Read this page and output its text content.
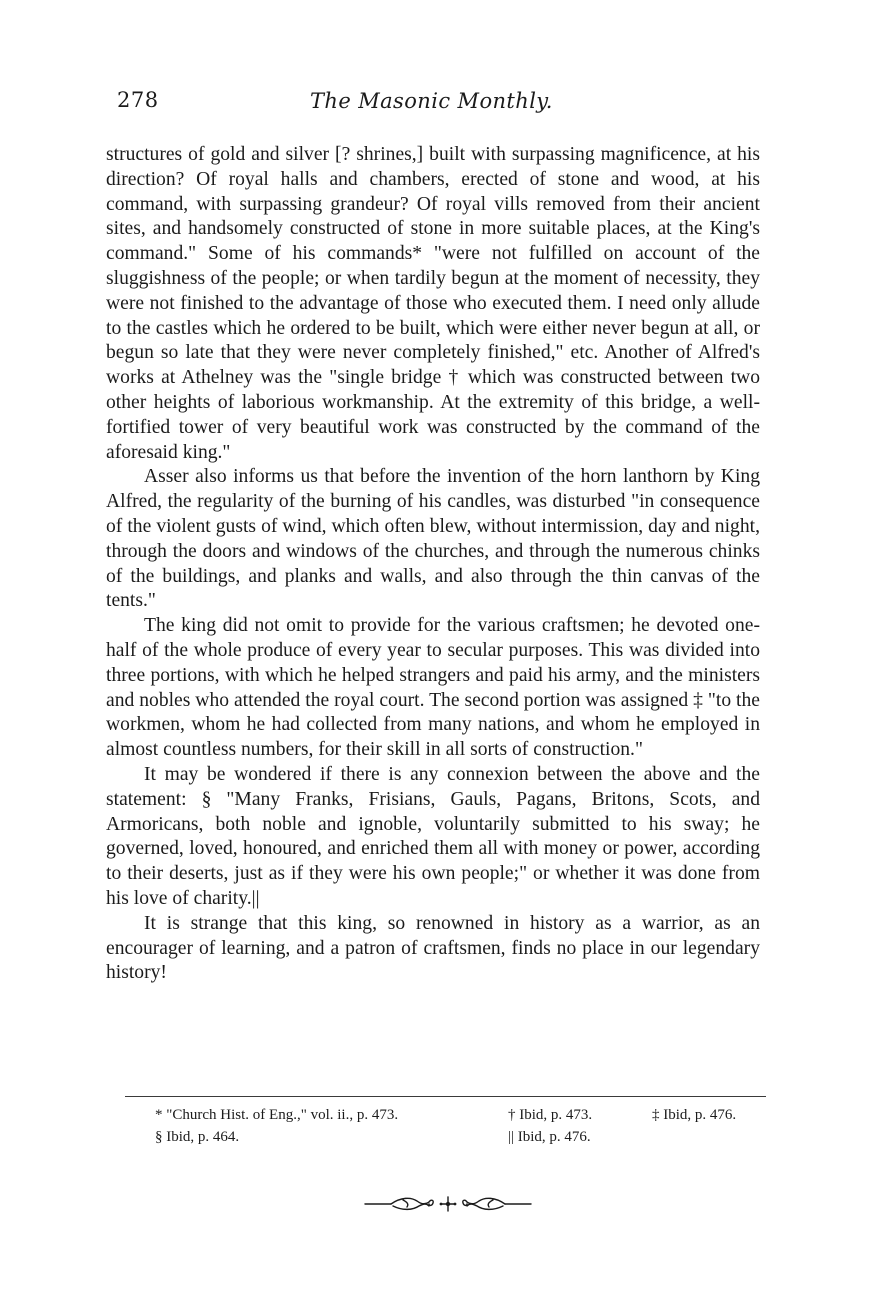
278	The Masonic Monthly.

structures of gold and silver [? shrines,] built with surpassing magnificence, at his direction? Of royal halls and chambers, erected of stone and wood, at his command, with surpassing grandeur? Of royal vills removed from their ancient sites, and handsomely constructed of stone in more suitable places, at the King's command." Some of his commands* "were not fulfilled on account of the sluggishness of the people; or when tardily begun at the moment of necessity, they were not finished to the advantage of those who executed them. I need only allude to the castles which he ordered to be built, which were either never begun at all, or begun so late that they were never completely finished," etc. Another of Alfred's works at Athelney was the "single bridge † which was constructed between two other heights of laborious workmanship. At the extremity of this bridge, a well-fortified tower of very beautiful work was constructed by the command of the aforesaid king."

Asser also informs us that before the invention of the horn lanthorn by King Alfred, the regularity of the burning of his candles, was disturbed "in consequence of the violent gusts of wind, which often blew, without intermission, day and night, through the doors and windows of the churches, and through the numerous chinks of the buildings, and planks and walls, and also through the thin canvas of the tents."

The king did not omit to provide for the various craftsmen; he devoted one-half of the whole produce of every year to secular purposes. This was divided into three portions, with which he helped strangers and paid his army, and the ministers and nobles who attended the royal court. The second portion was assigned ‡ "to the workmen, whom he had collected from many nations, and whom he employed in almost countless numbers, for their skill in all sorts of construction."

It may be wondered if there is any connexion between the above and the statement: § "Many Franks, Frisians, Gauls, Pagans, Britons, Scots, and Armoricans, both noble and ignoble, voluntarily submitted to his sway; he governed, loved, honoured, and enriched them all with money or power, according to their deserts, just as if they were his own people;" or whether it was done from his love of charity.||

It is strange that this king, so renowned in history as a warrior, as an encourager of learning, and a patron of craftsmen, finds no place in our legendary history!

* "Church Hist. of Eng.," vol. ii., p. 473.	† Ibid, p. 473.	‡ Ibid, p. 476.
§ Ibid, p. 464.	|| Ibid, p. 476.
